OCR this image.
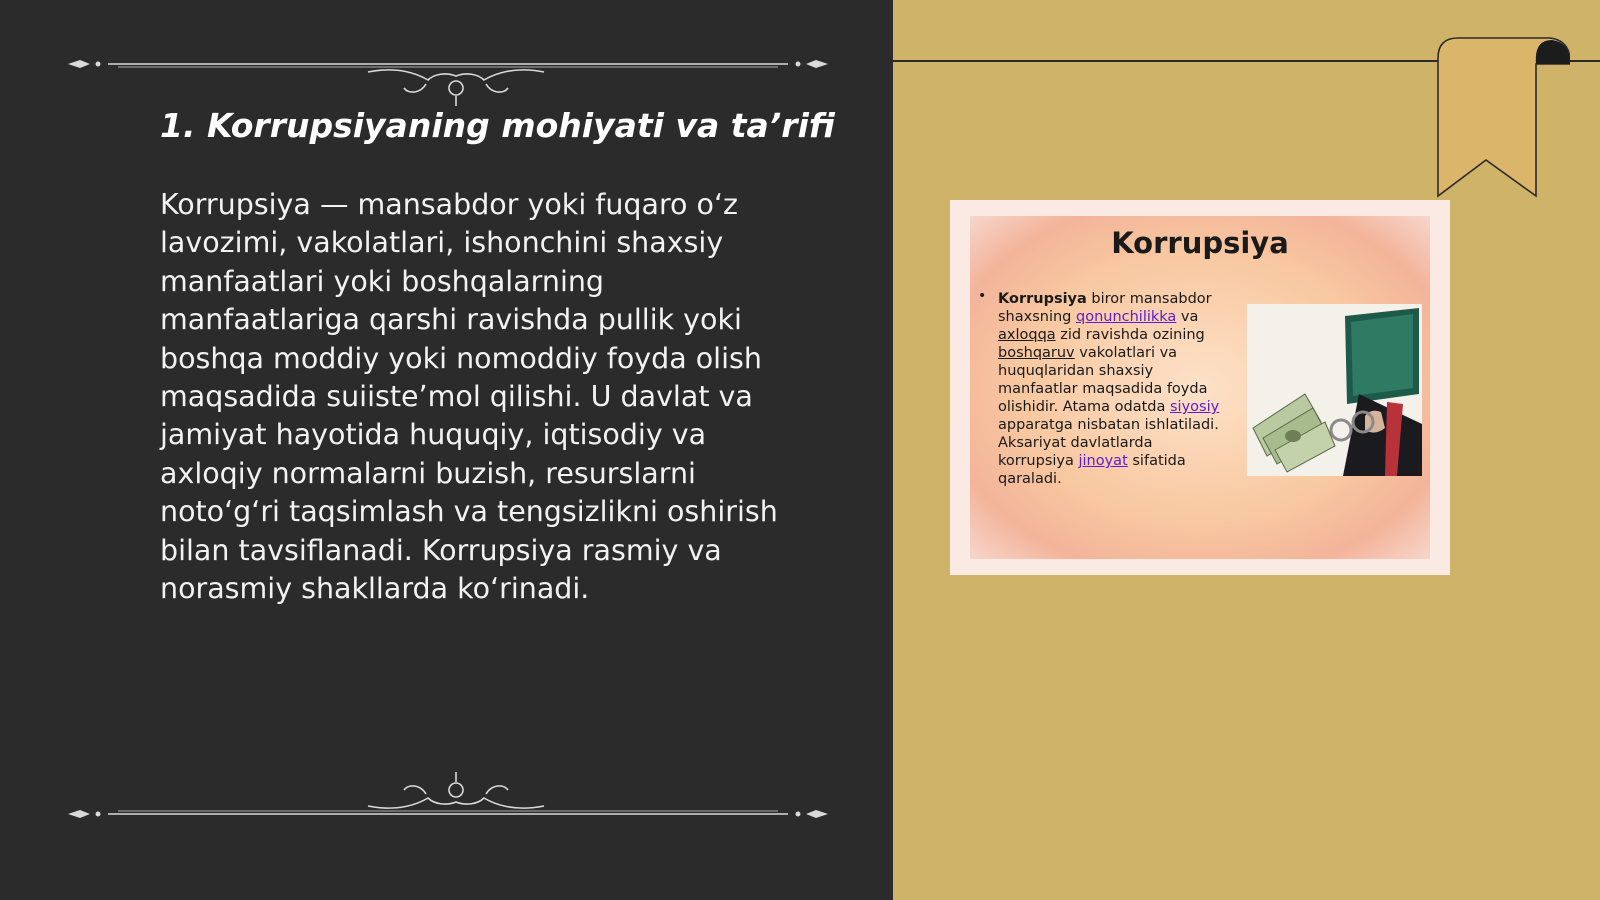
1. Korrupsiyaning mohiyati va ta’rifi

Korrupsiya — mansabdor yoki fuqaro oʻz lavozimi, vakolatlari, ishonchini shaxsiy manfaatlari yoki boshqalarning manfaatlariga qarshi ravishda pullik yoki boshqa moddiy yoki nomoddiy foyda olish maqsadida suiisteʼmol qilishi. U davlat va jamiyat hayotida huquqiy, iqtisodiy va axloqiy normalarni buzish, resurslarni notoʻgʻri taqsimlash va tengsizlikni oshirish bilan tavsiflanadi. Korrupsiya rasmiy va norasmiy shakllarda koʻrinadi.

Korrupsiya
• Korrupsiya biror mansabdor shaxsning qonunchilikka va axloqqa zid ravishda ozining boshqaruv vakolatlari va huquqlaridan shaxsiy manfaatlar maqsadida foyda olishidir. Atama odatda siyosiy apparatga nisbatan ishlatiladi. Aksariyat davlatlarda korrupsiya jinoyat sifatida qaraladi.
